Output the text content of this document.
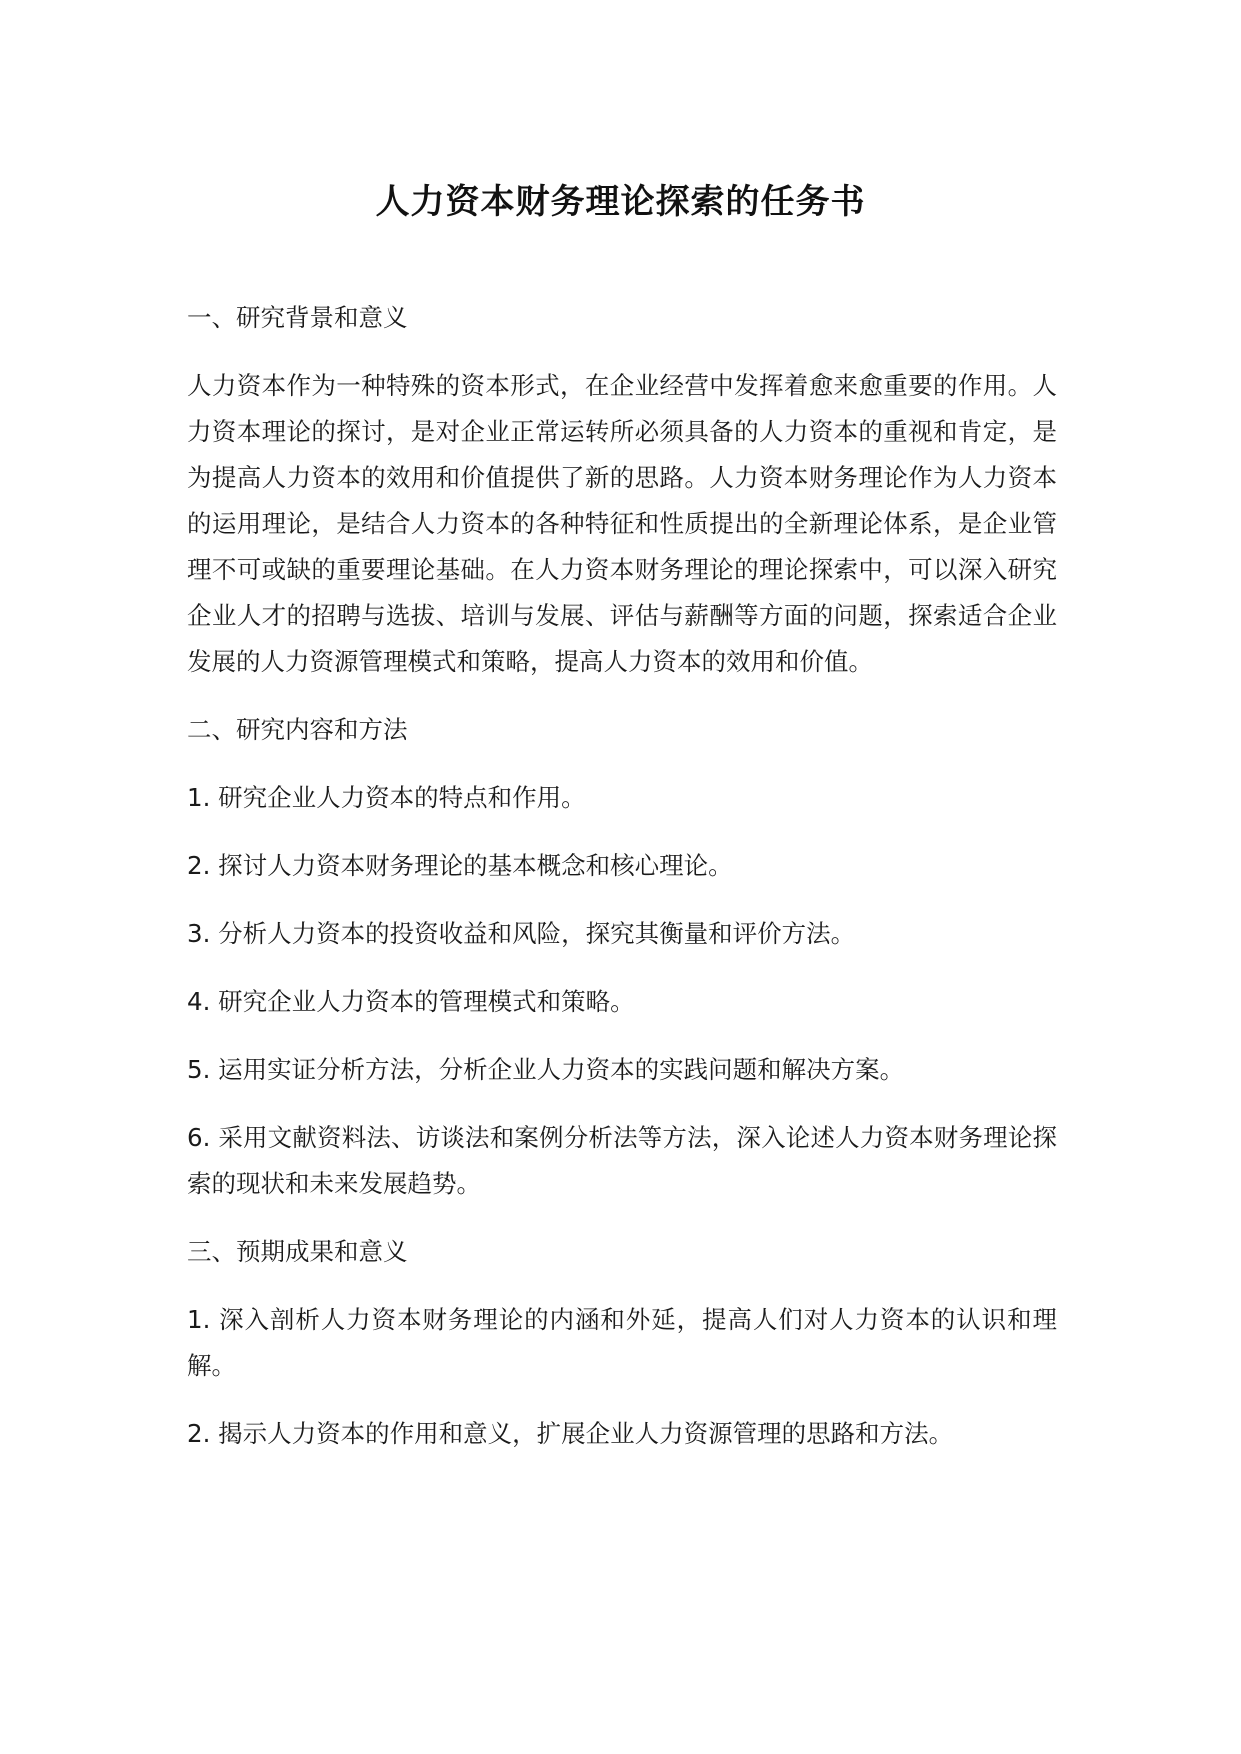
人力资本财务理论探索的任务书

一、研究背景和意义

人力资本作为一种特殊的资本形式，在企业经营中发挥着愈来愈重要的作用。人力资本理论的探讨，是对企业正常运转所必须具备的人力资本的重视和肯定，是为提高人力资本的效用和价值提供了新的思路。人力资本财务理论作为人力资本的运用理论，是结合人力资本的各种特征和性质提出的全新理论体系，是企业管理不可或缺的重要理论基础。在人力资本财务理论的理论探索中，可以深入研究企业人才的招聘与选拔、培训与发展、评估与薪酬等方面的问题，探索适合企业发展的人力资源管理模式和策略，提高人力资本的效用和价值。

二、研究内容和方法

1. 研究企业人力资本的特点和作用。

2. 探讨人力资本财务理论的基本概念和核心理论。

3. 分析人力资本的投资收益和风险，探究其衡量和评价方法。

4. 研究企业人力资本的管理模式和策略。

5. 运用实证分析方法，分析企业人力资本的实践问题和解决方案。

6. 采用文献资料法、访谈法和案例分析法等方法，深入论述人力资本财务理论探索的现状和未来发展趋势。

三、预期成果和意义

1. 深入剖析人力资本财务理论的内涵和外延，提高人们对人力资本的认识和理解。

2. 揭示人力资本的作用和意义，扩展企业人力资源管理的思路和方法。
